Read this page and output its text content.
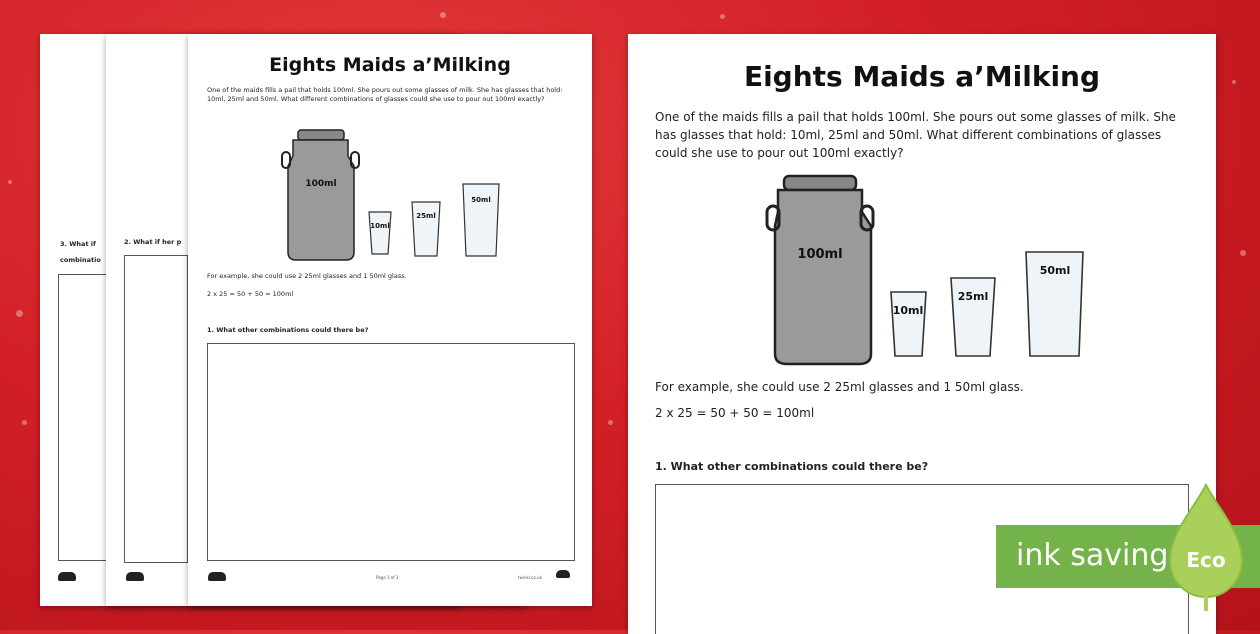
3. What if
combinatio
2. What if her p
Eights Maids a’Milking
One of the maids fills a pail that holds 100ml. She pours out some glasses of milk. She has glasses that hold: 10ml, 25ml and 50ml. What different combinations of glasses could she use to pour out 100ml exactly?
100ml
10ml
25ml
50ml
For example, she could use 2 25ml glasses and 1 50ml glass.
2 x 25 = 50 + 50 = 100ml
1. What other combinations could there be?
Page 1 of 3	twinkl.co.uk
Eights Maids a’Milking
One of the maids fills a pail that holds 100ml. She pours out some glasses of milk. She has glasses that hold: 10ml, 25ml and 50ml. What different combinations of glasses could she use to pour out 100ml exactly?
100ml
10ml
25ml
50ml
For example, she could use 2 25ml glasses and 1 50ml glass.
2 x 25 = 50 + 50 = 100ml
1. What other combinations could there be?
ink saving Eco
